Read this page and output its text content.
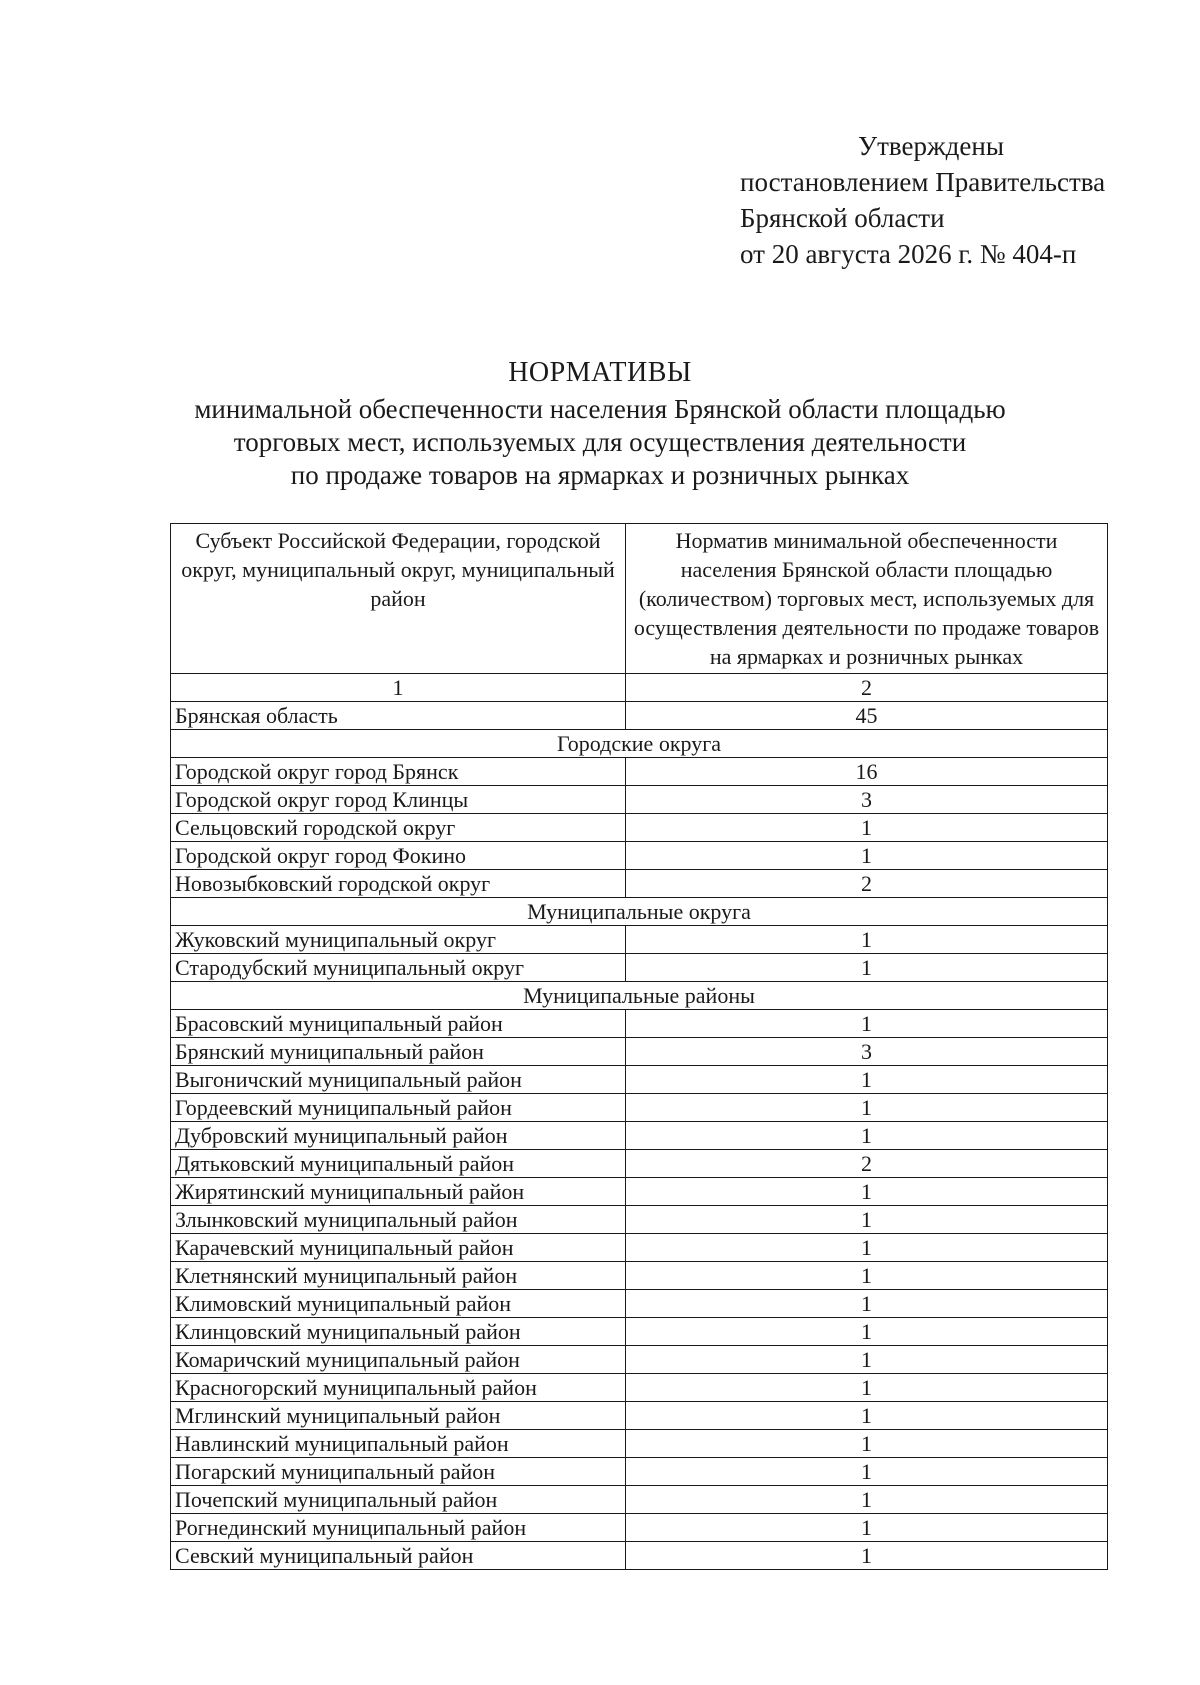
Утверждены
постановлением Правительства
Брянской области
от 20 августа 2026 г. № 404-п
НОРМАТИВЫ
минимальной обеспеченности населения Брянской области площадью
торговых мест, используемых для осуществления деятельности
по продаже товаров на ярмарках и розничных рынках
Субъект Российской Федерации, городской округ, муниципальный округ, муниципальный район	Норматив минимальной обеспеченности населения Брянской области площадью (количеством) торговых мест, используемых для осуществления деятельности по продаже товаров на ярмарках и розничных рынках
1	2
Брянская область	45
Городские округа	
Городской округ город Брянск	16
Городской округ город Клинцы	3
Сельцовский городской округ	1
Городской округ город Фокино	1
Новозыбковский городской округ	2
Муниципальные округа	
Жуковский муниципальный округ	1
Стародубский муниципальный округ	1
Муниципальные районы	
Брасовский муниципальный район	1
Брянский муниципальный район	3
Выгоничский муниципальный район	1
Гордеевский муниципальный район	1
Дубровский муниципальный район	1
Дятьковский муниципальный район	2
Жирятинский муниципальный район	1
Злынковский муниципальный район	1
Карачевский муниципальный район	1
Клетнянский муниципальный район	1
Климовский муниципальный район	1
Клинцовский муниципальный район	1
Комаричский муниципальный район	1
Красногорский муниципальный район	1
Мглинский муниципальный район	1
Навлинский муниципальный район	1
Погарский муниципальный район	1
Почепский муниципальный район	1
Рогнединский муниципальный район	1
Севский муниципальный район	1
